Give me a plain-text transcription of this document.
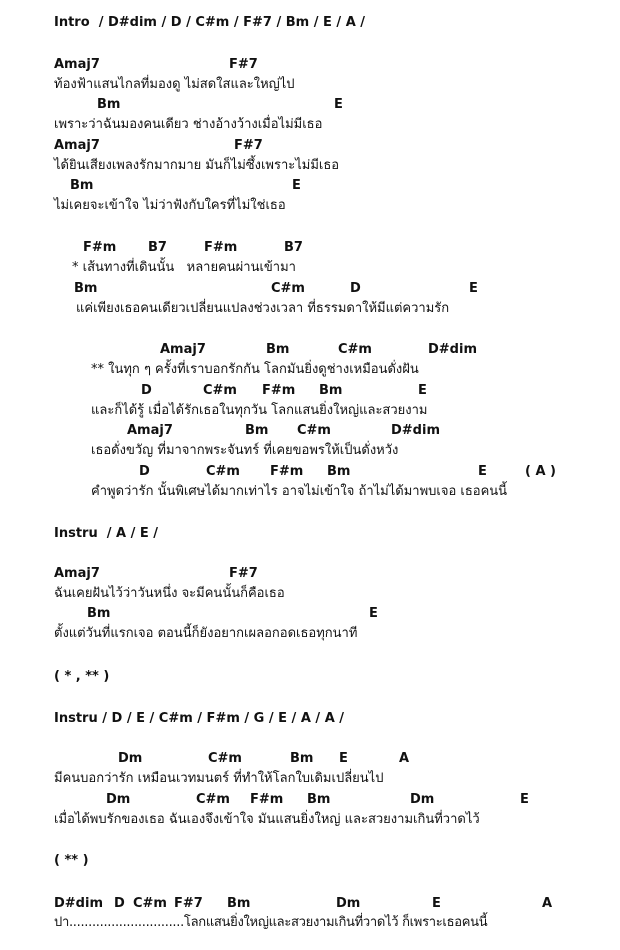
Intro  / D#dim / D / C#m / F#7 / Bm / E / A /
Amaj7	F#7
ท้องฟ้าแสนไกลที่มองดู ไม่สดใสและใหญ่ไป
Bm	E
เพราะว่าฉันมองคนเดียว ช่างอ้างว้างเมื่อไม่มีเธอ
Amaj7	F#7
ได้ยินเสียงเพลงรักมากมาย มันก็ไม่ซึ้งเพราะไม่มีเธอ
Bm	E
ไม่เคยจะเข้าใจ ไม่ว่าฟังกับใครที่ไม่ใช่เธอ
F#m B7	F#m	B7
* เส้นทางที่เดินนั้น   หลายคนผ่านเข้ามา
Bm	C#m	D	E
แค่เพียงเธอคนเดียวเปลี่ยนแปลงช่วงเวลา ที่ธรรมดาให้มีแต่ความรัก
Amaj7	Bm	C#m	D#dim
** ในทุก ๆ ครั้งที่เราบอกรักกัน โลกมันยิ่งดูช่างเหมือนดั่งฝัน
D	C#m F#m Bm	E
และก็ได้รู้ เมื่อได้รักเธอในทุกวัน โลกแสนยิ่งใหญ่และสวยงาม
Amaj7	Bm C#m	D#dim
เธอดั่งขวัญ ที่มาจากพระจันทร์ ที่เคยขอพรให้เป็นดั่งหวัง
D	C#m F#m Bm	E	( A )
คำพูดว่ารัก นั้นพิเศษได้มากเท่าไร อาจไม่เข้าใจ ถ้าไม่ได้มาพบเจอ เธอคนนี้
Instru  / A / E /
Amaj7	F#7
ฉันเคยฝันไว้ว่าวันหนึ่ง จะมีคนนั้นก็คือเธอ
Bm	E
ตั้งแต่วันที่แรกเจอ ตอนนี้ก็ยังอยากเผลอกอดเธอทุกนาที
( * , ** )
Instru / D / E / C#m / F#m / G / E / A / A /
Dm	C#m	Bm E	A
มีคนบอกว่ารัก เหมือนเวทมนตร์ ที่ทำให้โลกใบเดิมเปลี่ยนไป
Dm	C#m F#m Bm	Dm	E
เมื่อได้พบรักของเธอ ฉันเองจึงเข้าใจ มันแสนยิ่งใหญ่ และสวยงามเกินที่วาดไว้
( ** )
D#dim D C#m F#7 Bm	Dm	E	A
ปา..............................โลกแสนยิ่งใหญ่และสวยงามเกินที่วาดไว้ ก็เพราะเธอคนนี้
